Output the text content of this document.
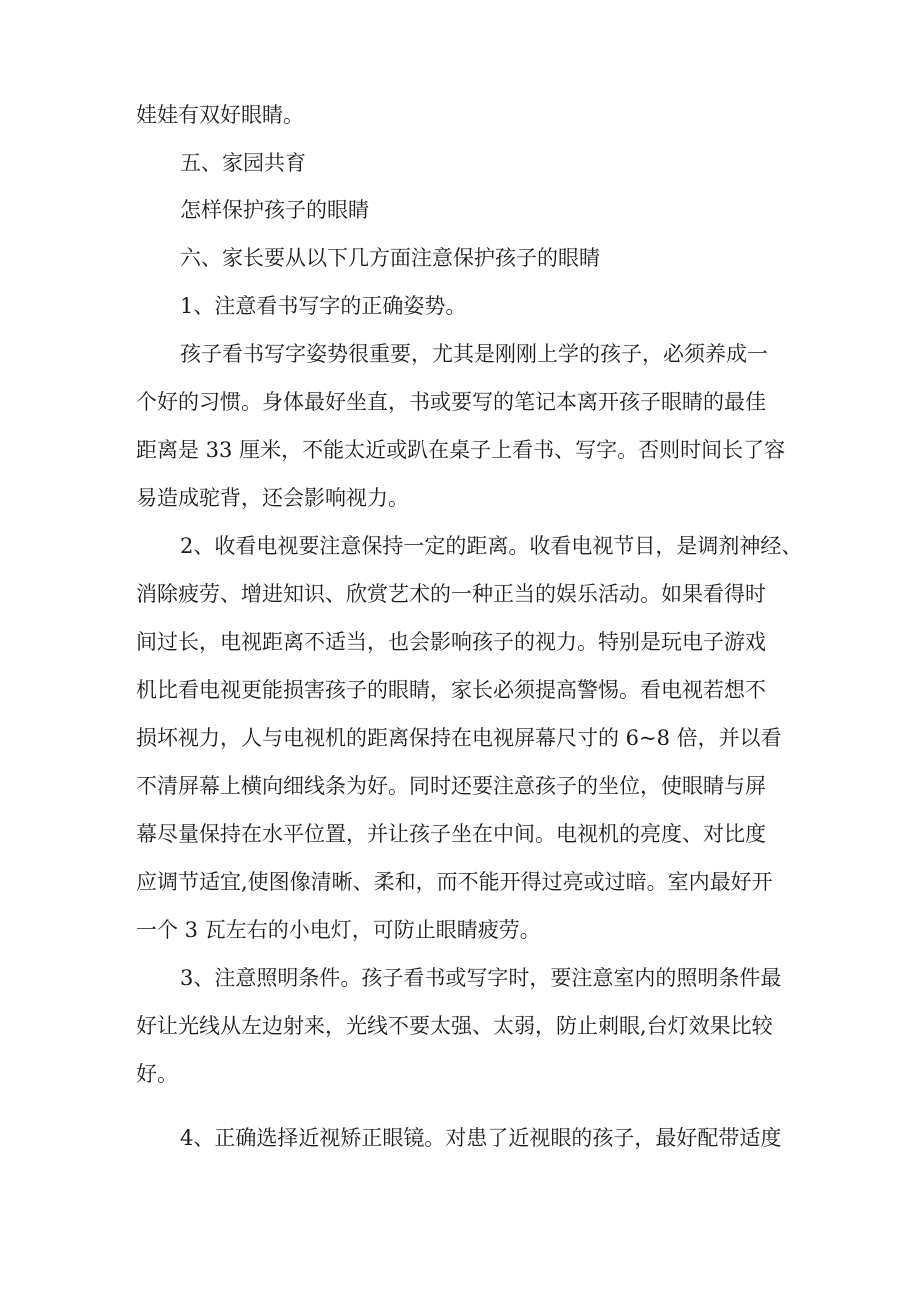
娃娃有双好眼睛。

五、家园共育

怎样保护孩子的眼睛

六、家长要从以下几方面注意保护孩子的眼睛

1、注意看书写字的正确姿势。

孩子看书写字姿势很重要，尤其是刚刚上学的孩子，必须养成一

个好的习惯。身体最好坐直，书或要写的笔记本离开孩子眼睛的最佳

距离是 33 厘米，不能太近或趴在桌子上看书、写字。否则时间长了容

易造成驼背，还会影响视力。

2、收看电视要注意保持一定的距离。收看电视节目，是调剂神经、

消除疲劳、增进知识、欣赏艺术的一种正当的娱乐活动。如果看得时

间过长，电视距离不适当，也会影响孩子的视力。特别是玩电子游戏

机比看电视更能损害孩子的眼睛，家长必须提高警惕。看电视若想不

损坏视力，人与电视机的距离保持在电视屏幕尺寸的 6~8 倍，并以看

不清屏幕上横向细线条为好。同时还要注意孩子的坐位，使眼睛与屏

幕尽量保持在水平位置，并让孩子坐在中间。电视机的亮度、对比度

应调节适宜,使图像清晰、柔和，而不能开得过亮或过暗。室内最好开

一个 3 瓦左右的小电灯，可防止眼睛疲劳。

3、注意照明条件。孩子看书或写字时，要注意室内的照明条件最

好让光线从左边射来，光线不要太强、太弱，防止刺眼,台灯效果比较

好。

4、正确选择近视矫正眼镜。对患了近视眼的孩子，最好配带适度
